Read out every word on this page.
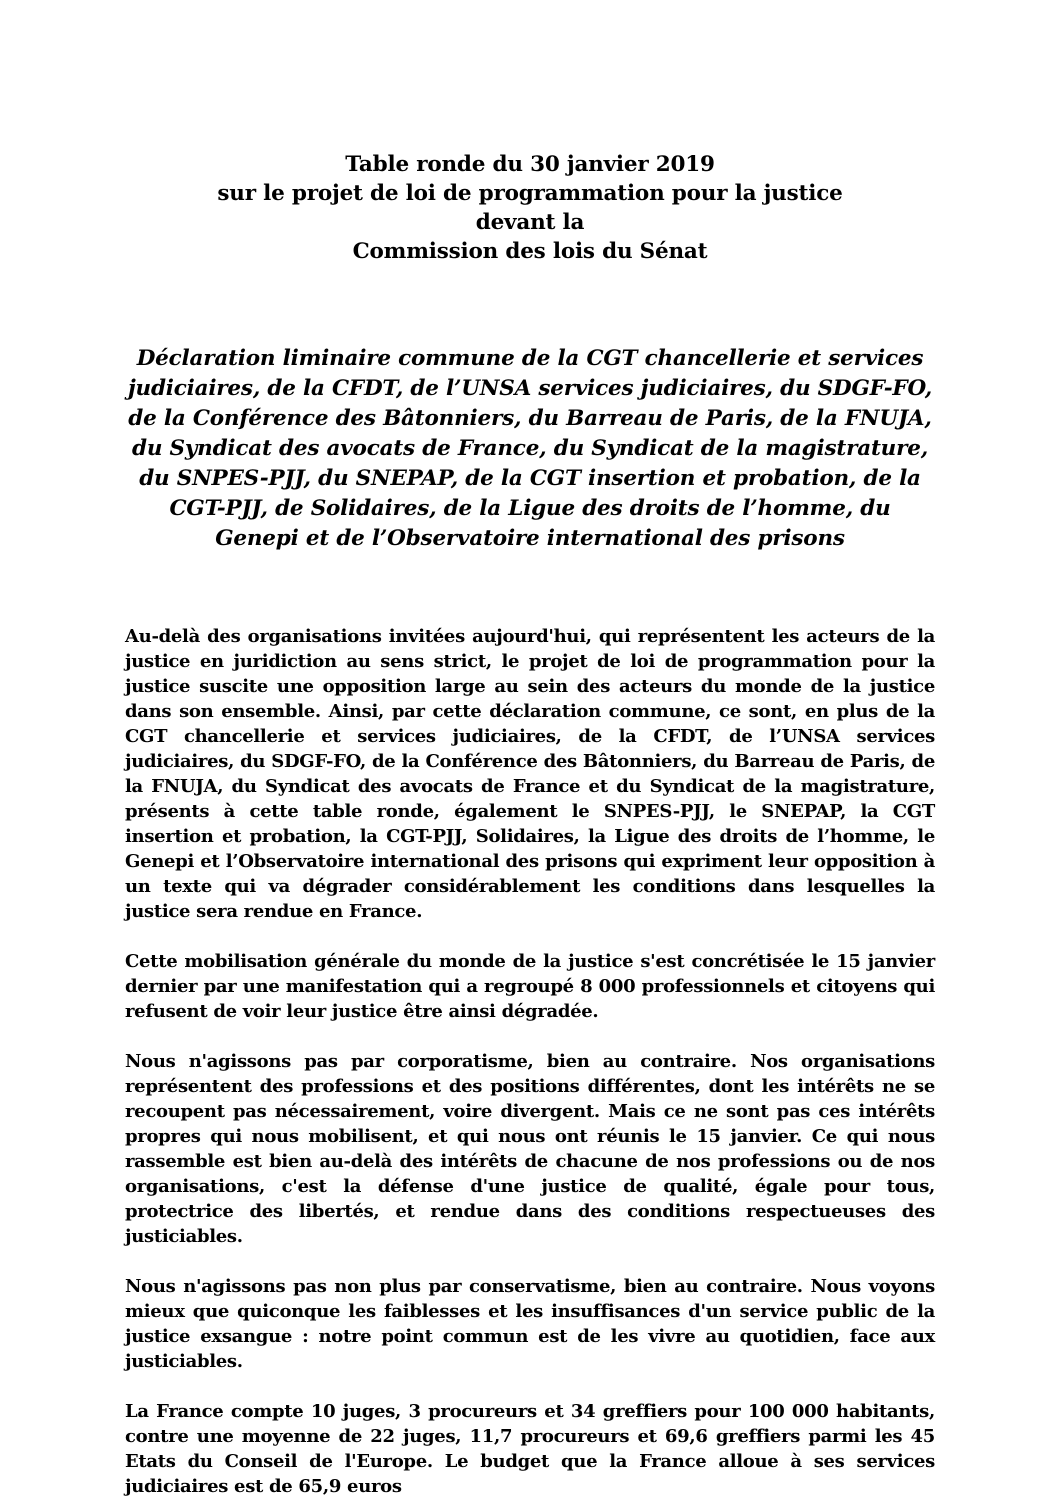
Table ronde du 30 janvier 2019
sur le projet de loi de programmation pour la justice
devant la
Commission des lois du Sénat
Déclaration liminaire commune de la CGT chancellerie et services judiciaires, de la CFDT, de l’UNSA services judiciaires, du SDGF-FO, de la Conférence des Bâtonniers, du Barreau de Paris, de la FNUJA, du Syndicat des avocats de France, du Syndicat de la magistrature, du SNPES-PJJ, du SNEPAP, de la CGT insertion et probation, de la CGT-PJJ, de Solidaires, de la Ligue des droits de l’homme, du Genepi et de l’Observatoire international des prisons

Au-delà des organisations invitées aujourd'hui, qui représentent les acteurs de la justice en juridiction au sens strict, le projet de loi de programmation pour la justice suscite une opposition large au sein des acteurs du monde de la justice dans son ensemble. Ainsi, par cette déclaration commune, ce sont, en plus de la CGT chancellerie et services judiciaires, de la CFDT, de l’UNSA services judiciaires, du SDGF-FO, de la Conférence des Bâtonniers, du Barreau de Paris, de la FNUJA, du Syndicat des avocats de France et du Syndicat de la magistrature, présents à cette table ronde, également le SNPES-PJJ, le SNEPAP, la CGT insertion et probation, la CGT-PJJ, Solidaires, la Ligue des droits de l’homme, le Genepi et l’Observatoire international des prisons qui expriment leur opposition à un texte qui va dégrader considérablement les conditions dans lesquelles la justice sera rendue en France.

Cette mobilisation générale du monde de la justice s'est concrétisée le 15 janvier dernier par une manifestation qui a regroupé 8 000 professionnels et citoyens qui refusent de voir leur justice être ainsi dégradée.

Nous n'agissons pas par corporatisme, bien au contraire. Nos organisations représentent des professions et des positions différentes, dont les intérêts ne se recoupent pas nécessairement, voire divergent. Mais ce ne sont pas ces intérêts propres qui nous mobilisent, et qui nous ont réunis le 15 janvier. Ce qui nous rassemble est bien au-delà des intérêts de chacune de nos professions ou de nos organisations, c'est la défense d'une justice de qualité, égale pour tous, protectrice des libertés, et rendue dans des conditions respectueuses des justiciables.

Nous n'agissons pas non plus par conservatisme, bien au contraire. Nous voyons mieux que quiconque les faiblesses et les insuffisances d'un service public de la justice exsangue : notre point commun est de les vivre au quotidien, face aux justiciables.

La France compte 10 juges, 3 procureurs et 34 greffiers pour 100 000 habitants, contre une moyenne de 22 juges, 11,7 procureurs et 69,6 greffiers parmi les 45 Etats du Conseil de l'Europe. Le budget que la France alloue à ses services judiciaires est de 65,9 euros
